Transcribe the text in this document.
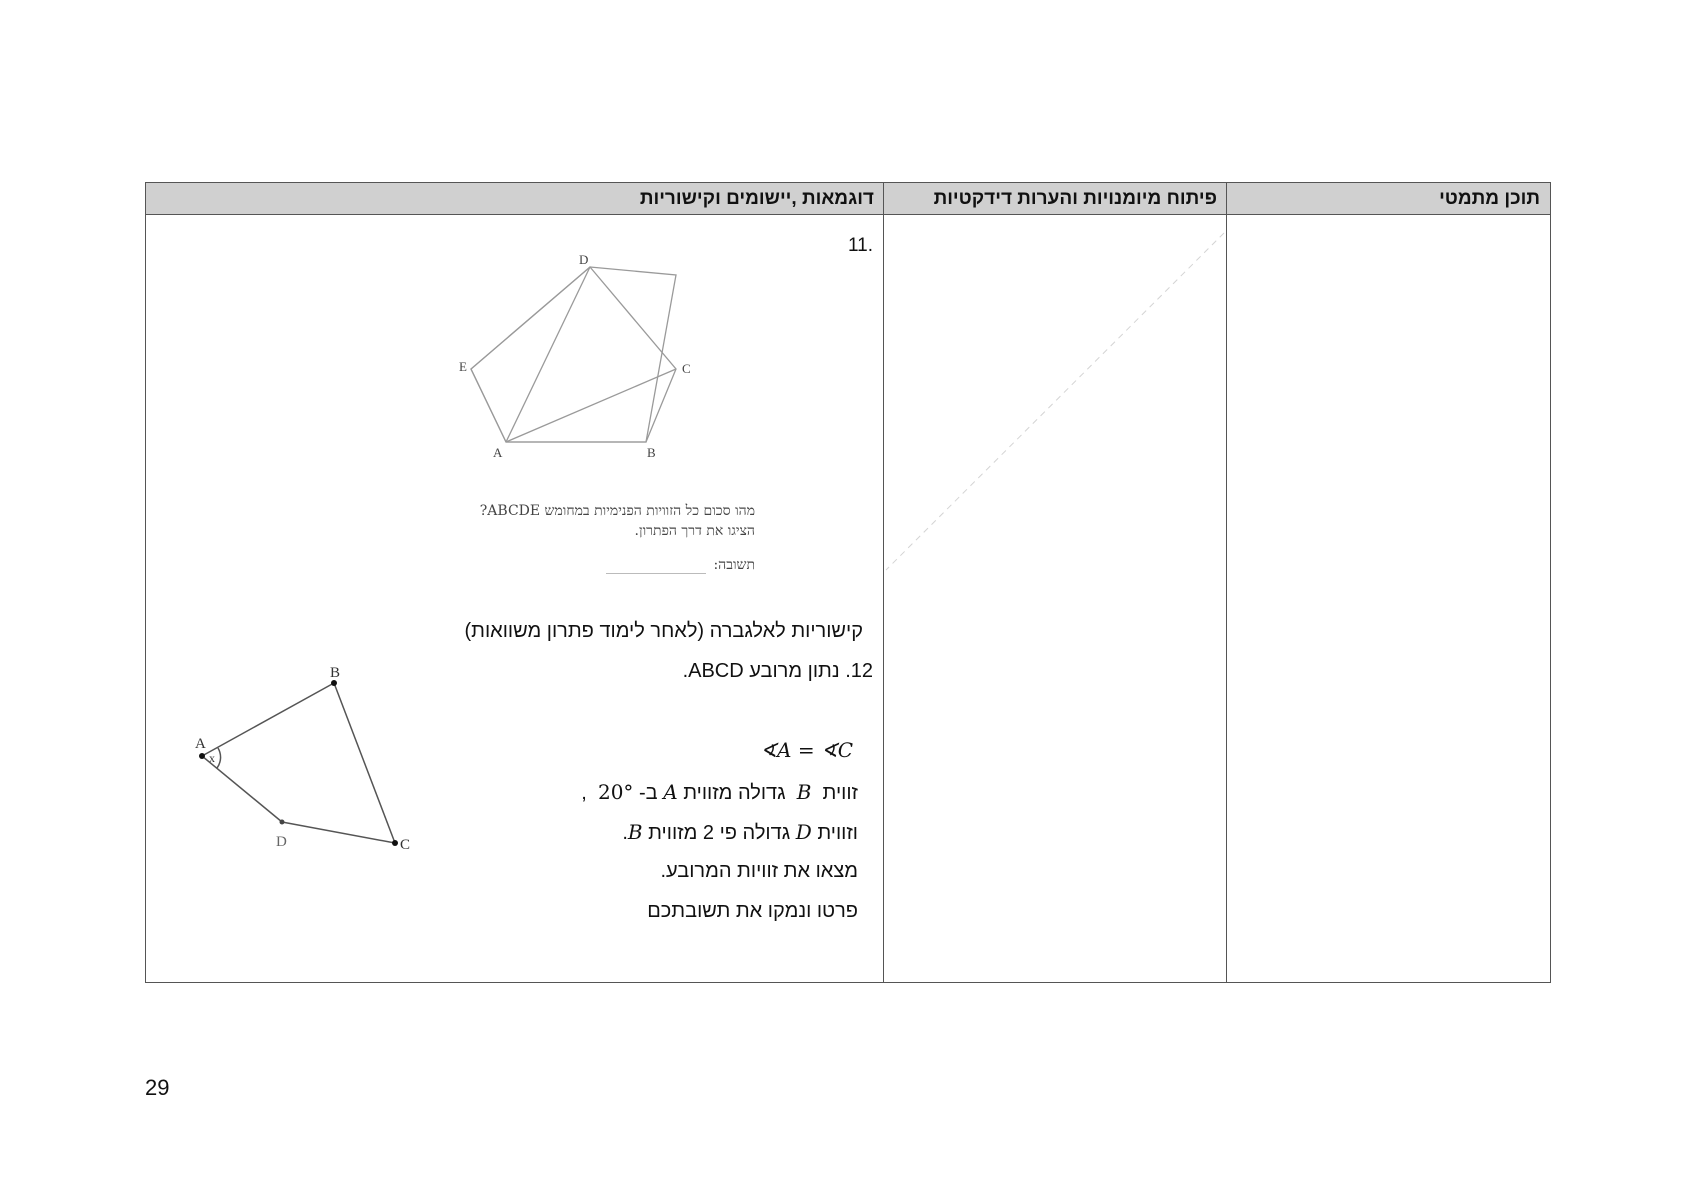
דוגמאות ,יישומים וקישוריות	פיתוח מיומנויות והערות דידקטיות	תוכן מתמטי
.11
D
E	C
B
A
מהו סכום כל הזוויות הפנימיות במחומש ABCDE?
הציגו את דרך הפתרון.
תשובה:
קישוריות לאלגברה (לאחר לימוד פתרון משוואות)
12. נתון מרובע ABCD.
x
A
B
C
D
∢A = ∢C
זווית  B  גדולה מזווית A ב- 20°  ,
וזווית D גדולה פי 2 מזווית B.
מצאו את זוויות המרובע.
פרטו ונמקו את תשובתכם
29
